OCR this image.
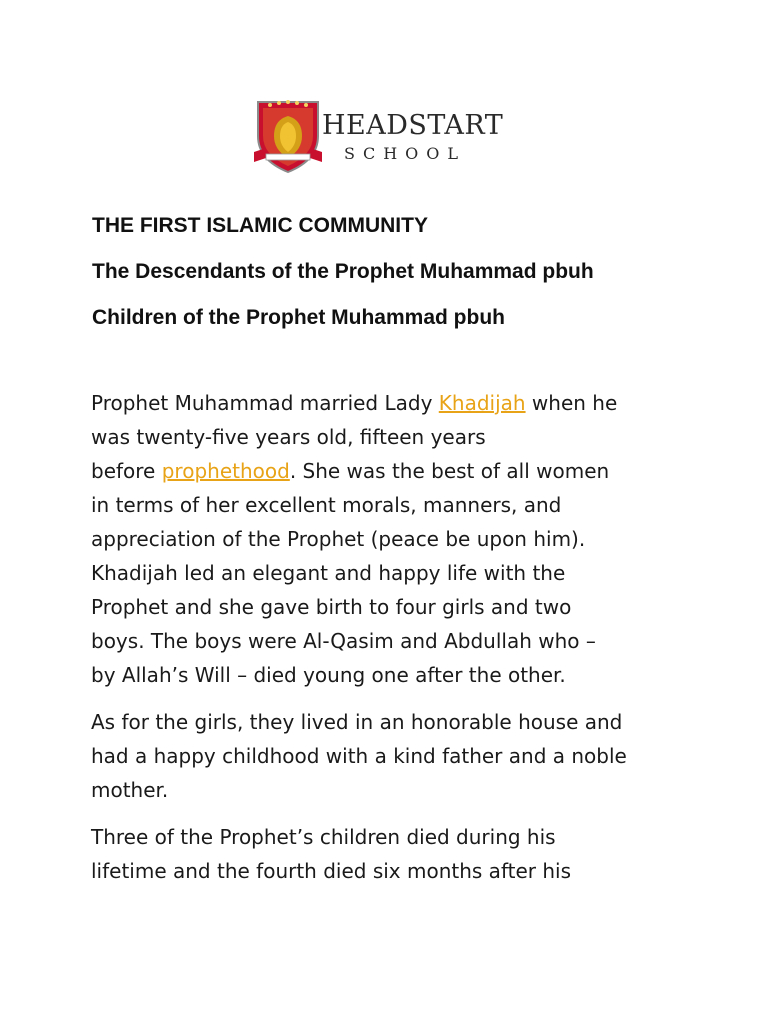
HEADSTART
SCHOOL
THE FIRST ISLAMIC COMMUNITY
The Descendants of the Prophet Muhammad pbuh
Children of the Prophet Muhammad pbuh
Prophet Muhammad married Lady Khadijah when he
was twenty-five years old, fifteen years
before prophethood. She was the best of all women
in terms of her excellent morals, manners, and
appreciation of the Prophet (peace be upon him).
Khadijah led an elegant and happy life with the
Prophet and she gave birth to four girls and two
boys. The boys were Al-Qasim and Abdullah who –
by Allah’s Will – died young one after the other.
As for the girls, they lived in an honorable house and
had a happy childhood with a kind father and a noble
mother.
Three of the Prophet’s children died during his
lifetime and the fourth died six months after his
